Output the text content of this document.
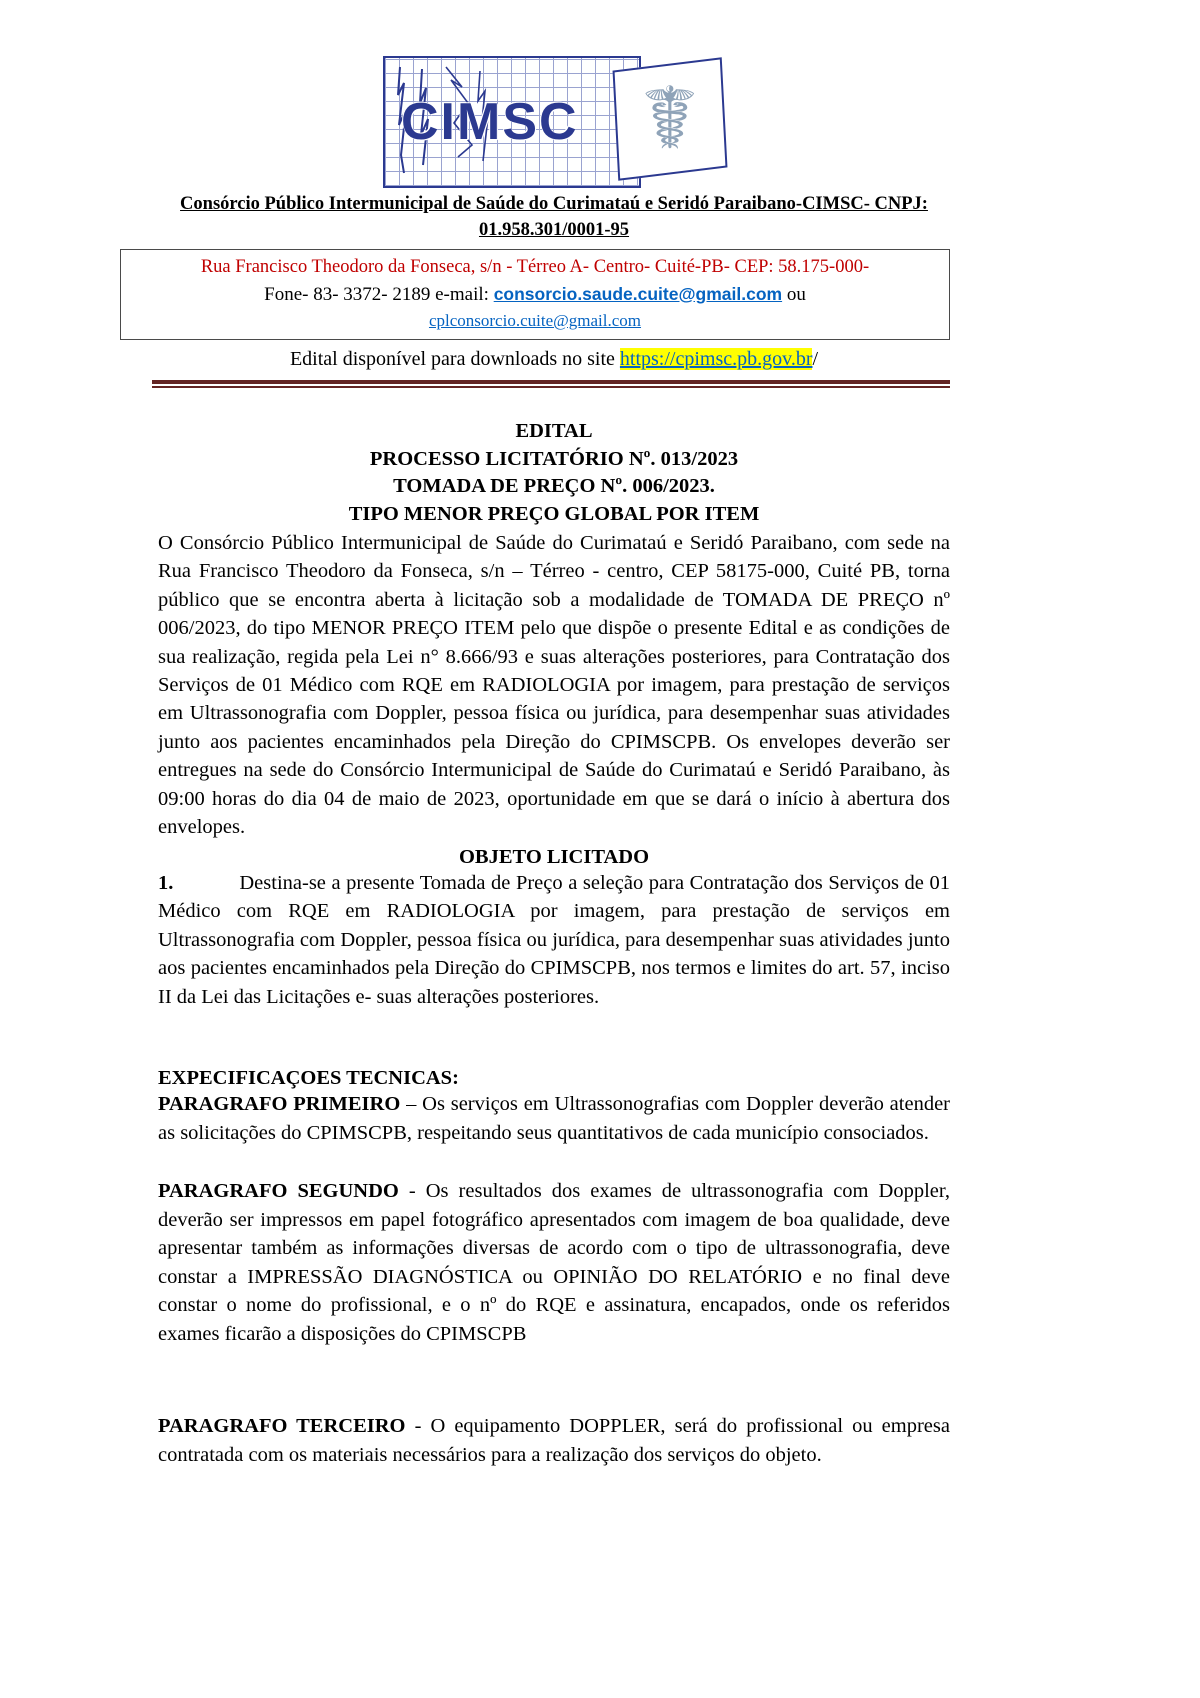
CIMSC ☤
Consórcio Público Intermunicipal de Saúde do Curimataú e Seridó Paraibano-CIMSC- CNPJ:
01.958.301/0001-95
Rua Francisco Theodoro da Fonseca, s/n - Térreo A- Centro- Cuité-PB- CEP: 58.175-000-
Fone- 83- 3372- 2189 e-mail: consorcio.saude.cuite@gmail.com ou
cplconsorcio.cuite@gmail.com
Edital disponível para downloads no site https://cpimsc.pb.gov.br/
EDITAL
PROCESSO LICITATÓRIO Nº. 013/2023
TOMADA DE PREÇO Nº. 006/2023.
TIPO MENOR PREÇO GLOBAL POR ITEM

O Consórcio Público Intermunicipal de Saúde do Curimataú e Seridó Paraibano, com sede na Rua Francisco Theodoro da Fonseca, s/n – Térreo - centro, CEP 58175-000, Cuité PB, torna público que se encontra aberta à licitação sob a modalidade de TOMADA DE PREÇO nº 006/2023, do tipo MENOR PREÇO ITEM pelo que dispõe o presente Edital e as condições de sua realização, regida pela Lei n° 8.666/93 e suas alterações posteriores, para Contratação dos Serviços de 01 Médico com RQE em RADIOLOGIA por imagem, para prestação de serviços em Ultrassonografia com Doppler, pessoa física ou jurídica, para desempenhar suas atividades junto aos pacientes encaminhados pela Direção do CPIMSCPB. Os envelopes deverão ser entregues na sede do Consórcio Intermunicipal de Saúde do Curimataú e Seridó Paraibano, às 09:00 horas do dia 04 de maio de 2023, oportunidade em que se dará o início à abertura dos envelopes.

OBJETO LICITADO

1.	Destina-se a presente Tomada de Preço a seleção para Contratação dos Serviços de 01 Médico com RQE em RADIOLOGIA por imagem, para prestação de serviços em Ultrassonografia com Doppler, pessoa física ou jurídica, para desempenhar suas atividades junto aos pacientes encaminhados pela Direção do CPIMSCPB, nos termos e limites do art. 57, inciso II da Lei das Licitações e- suas alterações posteriores.

EXPECIFICAÇOES TECNICAS:

PARAGRAFO PRIMEIRO – Os serviços em Ultrassonografias com Doppler deverão atender as solicitações do CPIMSCPB, respeitando seus quantitativos de cada município consociados.

PARAGRAFO SEGUNDO - Os resultados dos exames de ultrassonografia com Doppler, deverão ser impressos em papel fotográfico apresentados com imagem de boa qualidade, deve apresentar também as informações diversas de acordo com o tipo de ultrassonografia, deve constar a IMPRESSÃO DIAGNÓSTICA ou OPINIÃO DO RELATÓRIO e no final deve constar o nome do profissional, e o nº do RQE e assinatura, encapados, onde os referidos exames ficarão a disposições do CPIMSCPB

PARAGRAFO TERCEIRO - O equipamento DOPPLER, será do profissional ou empresa contratada com os materiais necessários para a realização dos serviços do objeto.
